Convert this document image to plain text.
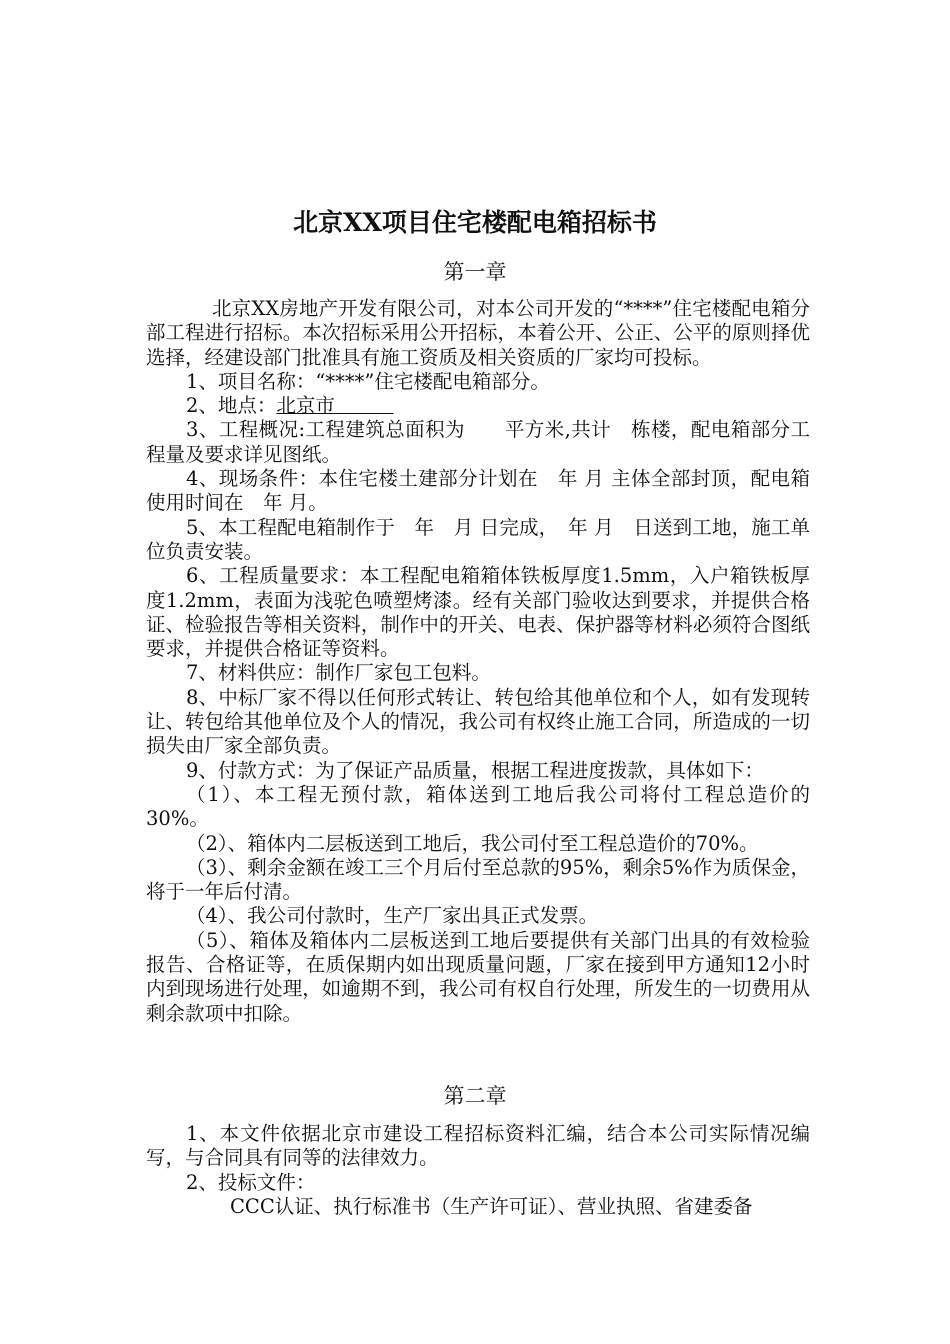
北京XX项目住宅楼配电箱招标书
第一章

北京XX房地产开发有限公司，对本公司开发的“****”住宅楼配电箱分部工程进行招标。本次招标采用公开招标，本着公开、公正、公平的原则择优选择，经建设部门批准具有施工资质及相关资质的厂家均可投标。

1、项目名称：“****”住宅楼配电箱部分。

2、地点：北京市　　　

3、工程概况:工程建筑总面积为　　平方米,共计　栋楼，配电箱部分工程量及要求详见图纸。

4、现场条件：本住宅楼土建部分计划在　年 月 主体全部封顶，配电箱使用时间在　年 月。

5、本工程配电箱制作于　年　月 日完成，　年 月　日送到工地，施工单位负责安装。

6、工程质量要求：本工程配电箱箱体铁板厚度1.5mm，入户箱铁板厚度1.2mm，表面为浅驼色喷塑烤漆。经有关部门验收达到要求，并提供合格证、检验报告等相关资料，制作中的开关、电表、保护器等材料必须符合图纸要求，并提供合格证等资料。

7、材料供应：制作厂家包工包料。

8、中标厂家不得以任何形式转让、转包给其他单位和个人，如有发现转让、转包给其他单位及个人的情况，我公司有权终止施工合同，所造成的一切损失由厂家全部负责。

9、付款方式：为了保证产品质量，根据工程进度拨款，具体如下：

（1）、本工程无预付款，箱体送到工地后我公司将付工程总造价的30%。

（2）、箱体内二层板送到工地后，我公司付至工程总造价的70%。

（3）、剩余金额在竣工三个月后付至总款的95%，剩余5%作为质保金，将于一年后付清。

（4）、我公司付款时，生产厂家出具正式发票。

（5）、箱体及箱体内二层板送到工地后要提供有关部门出具的有效检验报告、合格证等，在质保期内如出现质量问题，厂家在接到甲方通知12小时内到现场进行处理，如逾期不到，我公司有权自行处理，所发生的一切费用从剩余款项中扣除。

第二章

1、本文件依据北京市建设工程招标资料汇编，结合本公司实际情况编写，与合同具有同等的法律效力。

2、投标文件：

CCC认证、执行标准书（生产许可证）、营业执照、省建委备
